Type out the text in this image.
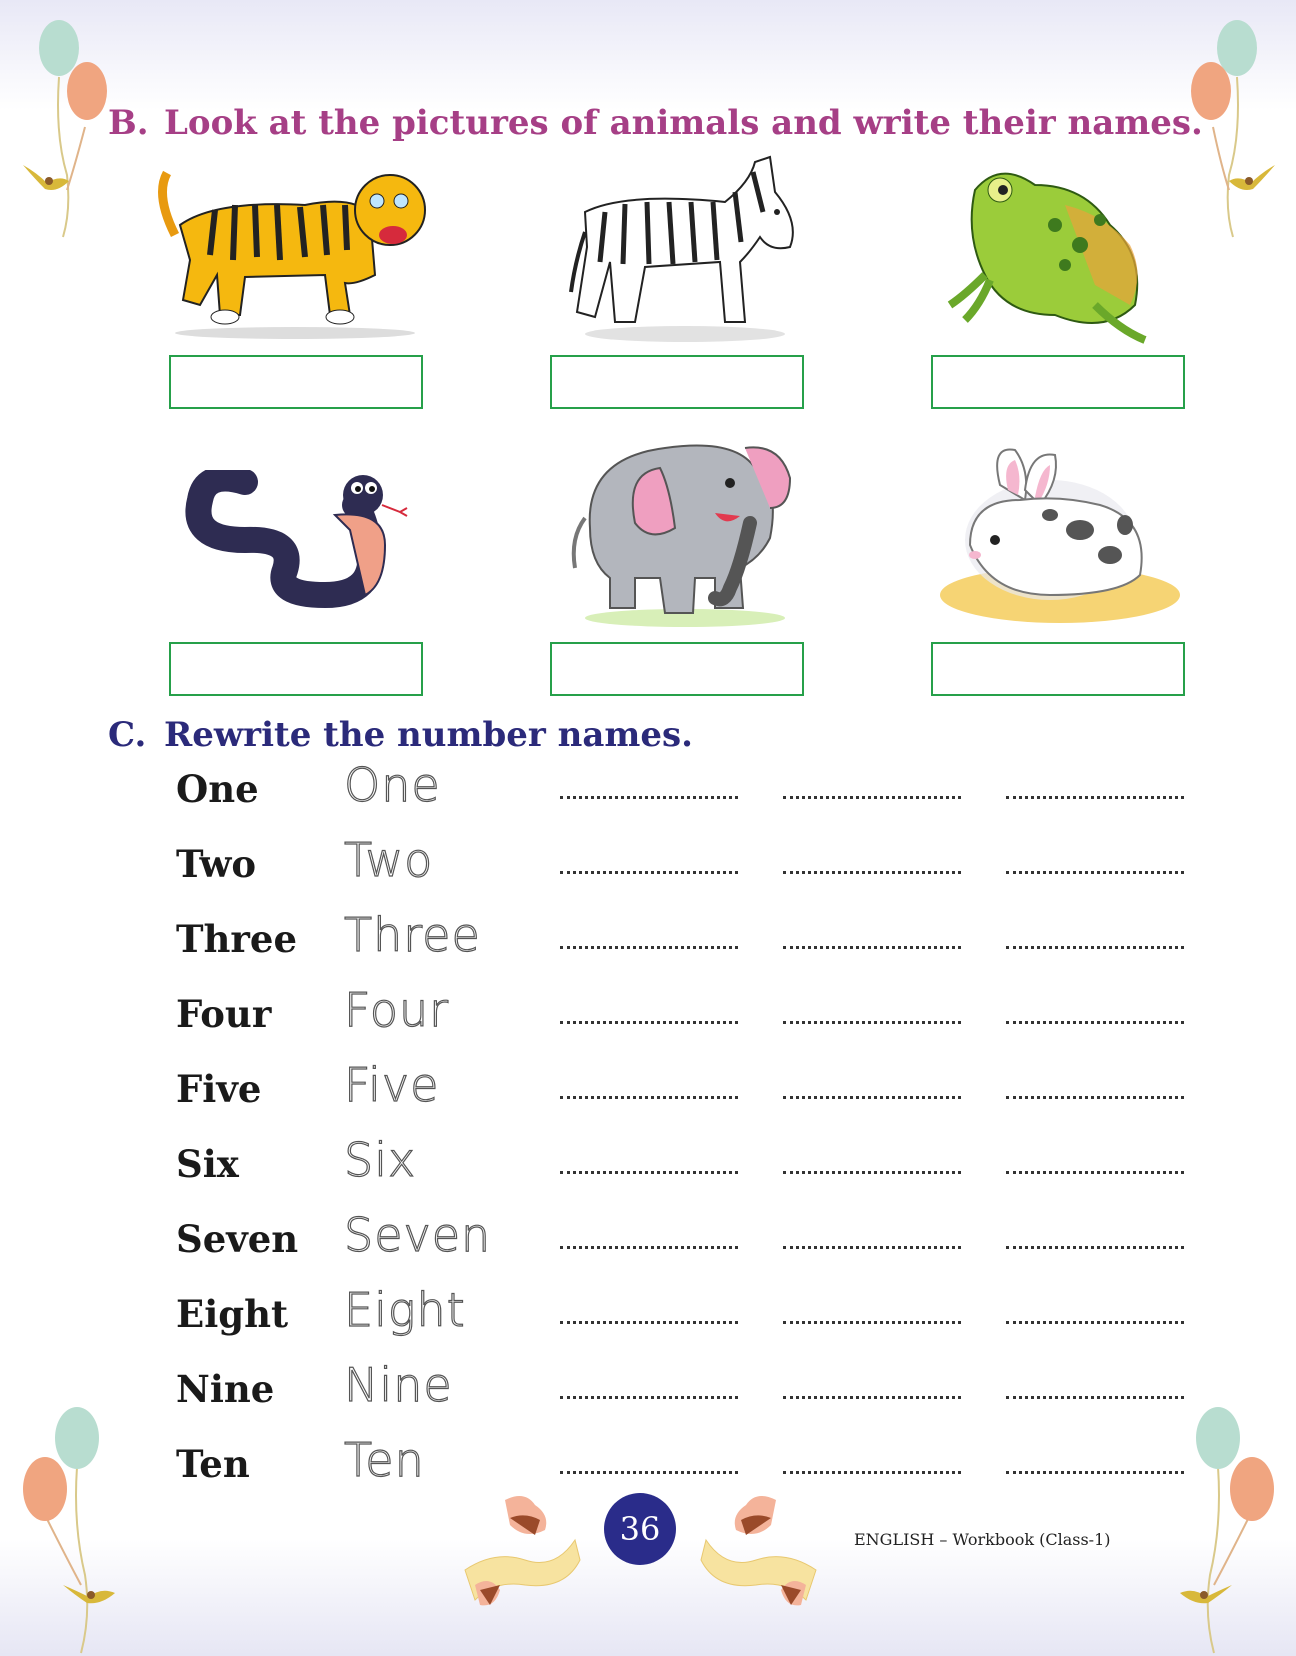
B. Look at the pictures of animals and write their names.
C. Rewrite the number names.
One One
Two Two
Three Three
Four Four
Five Five
Six Six
Seven Seven
Eight Eight
Nine Nine
Ten Ten
36	ENGLISH – Workbook (Class-1)
